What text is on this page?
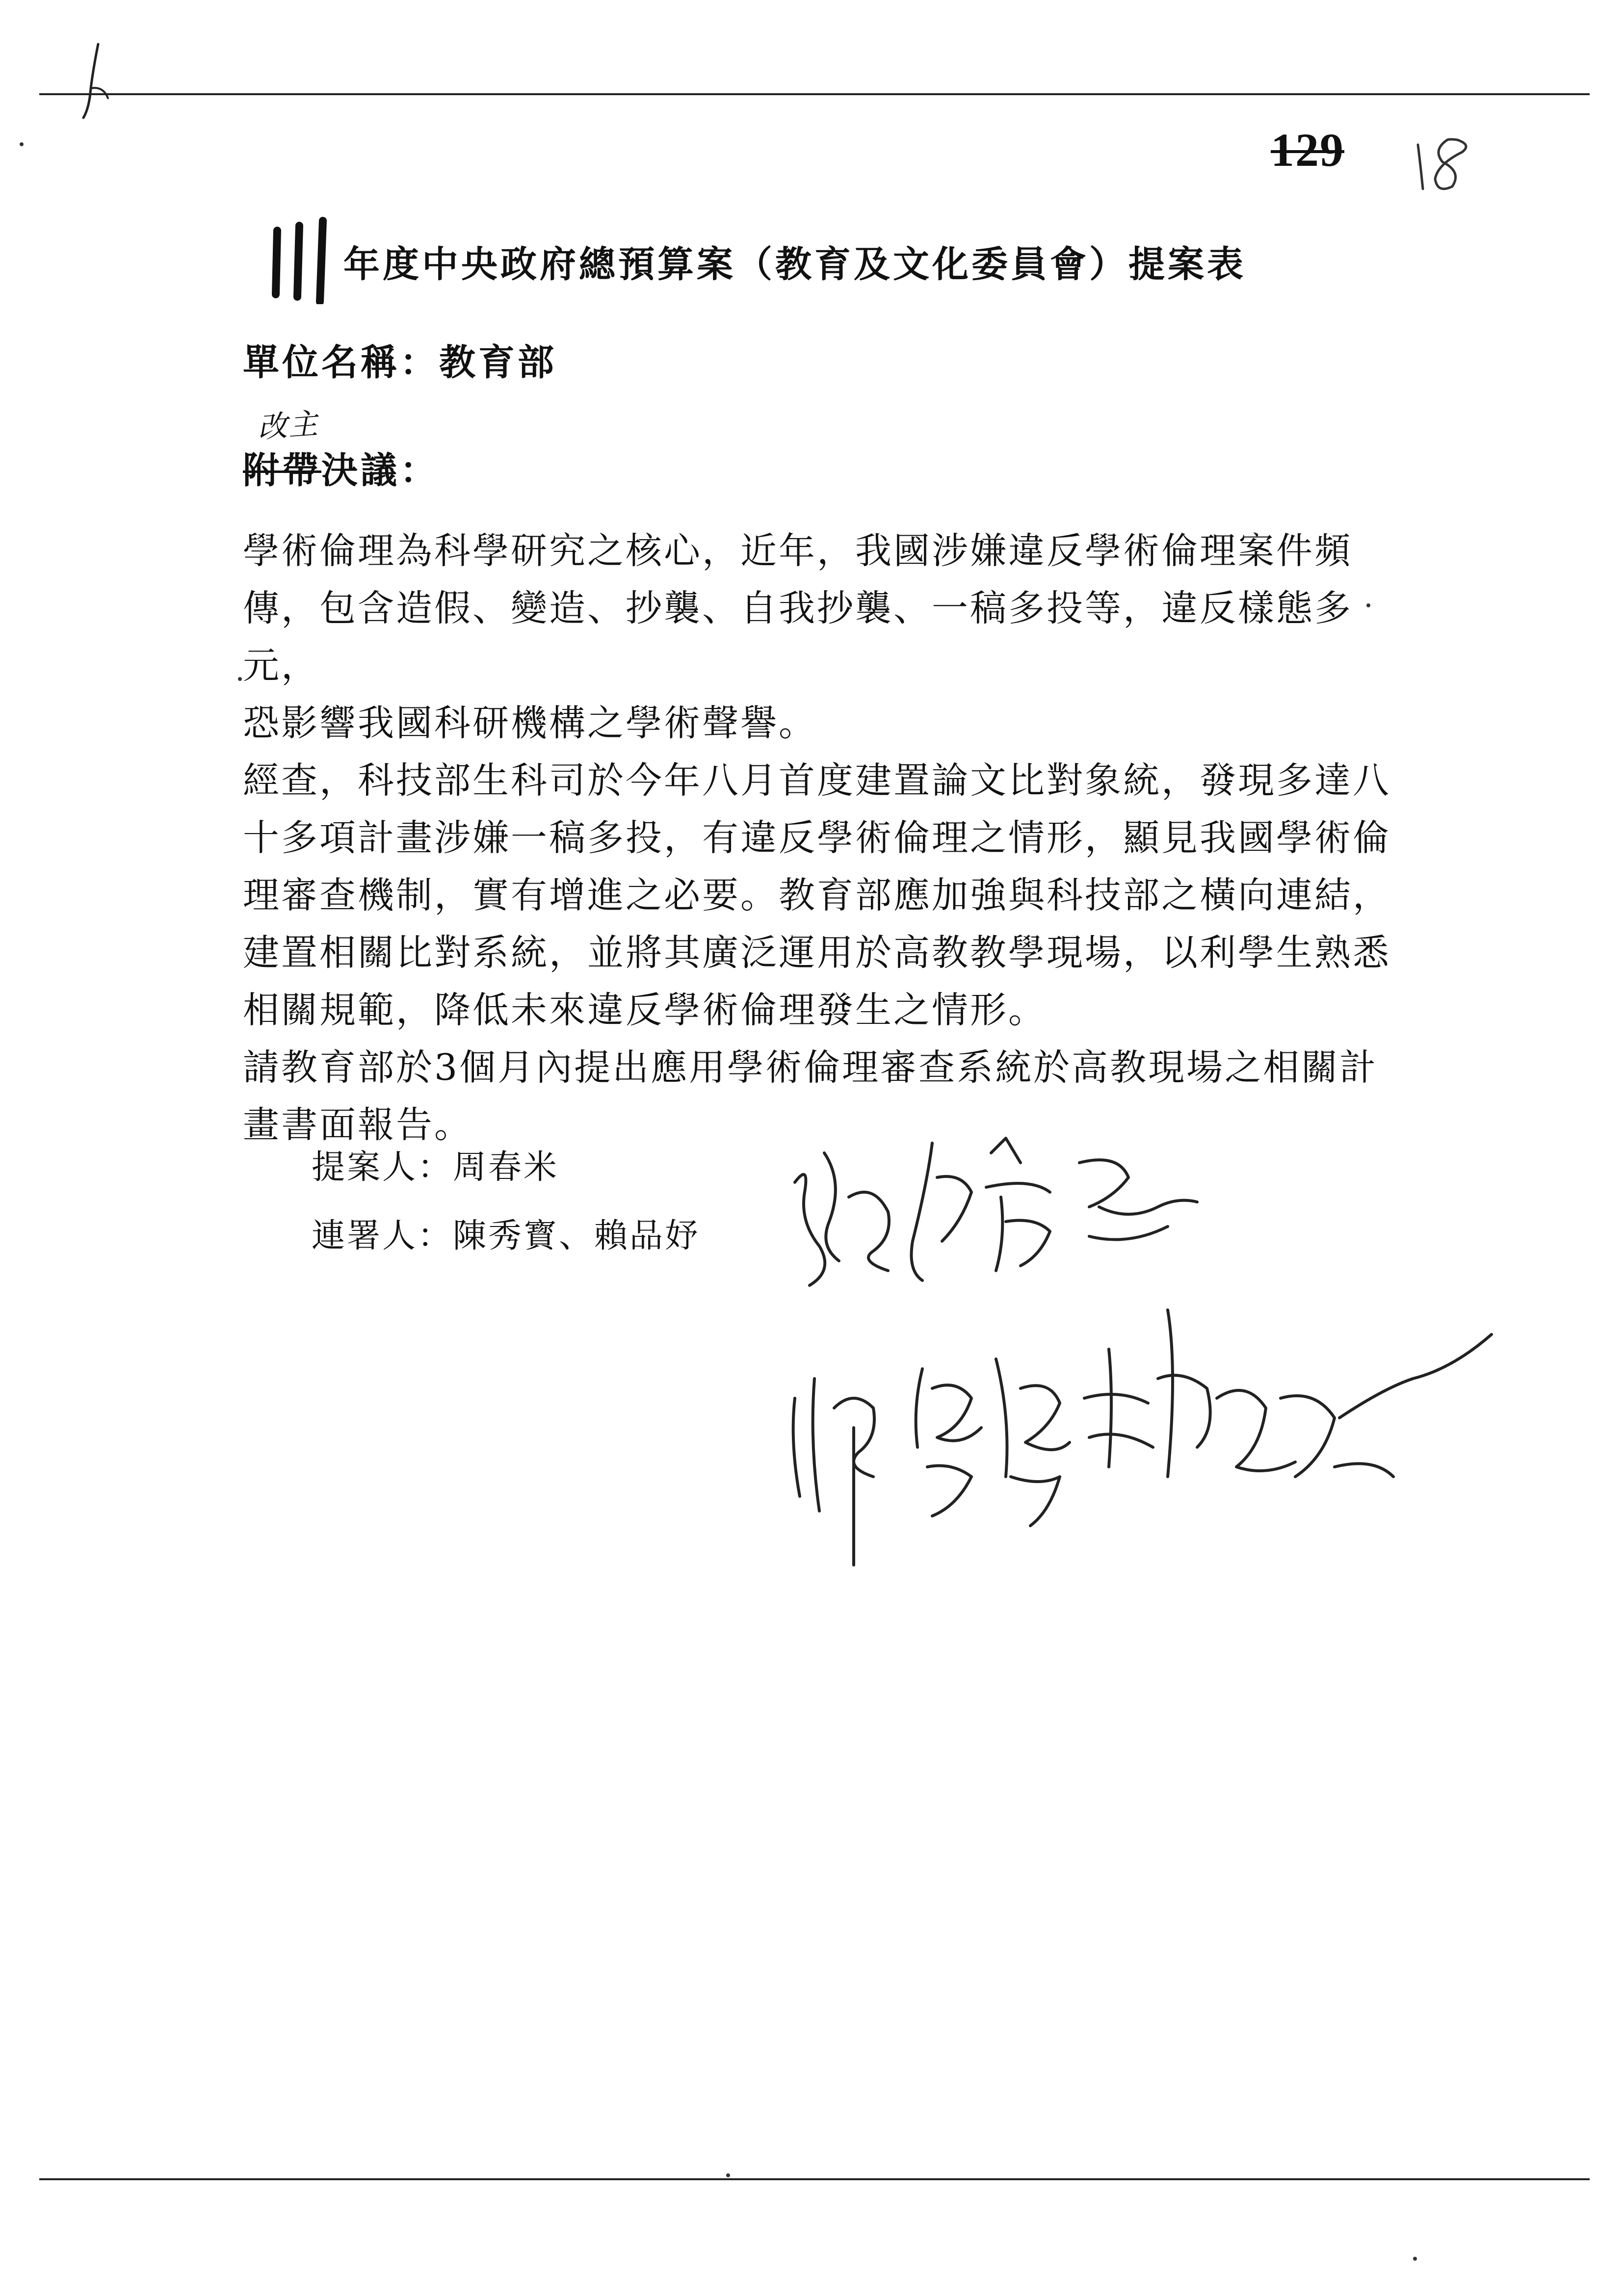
129
年度中央政府總預算案（教育及文化委員會）提案表
單位名稱：教育部
改主
附帶 決議：

學術倫理為科學研究之核心，近年，我國涉嫌違反學術倫理案件頻
傳，包含造假、變造、抄襲、自我抄襲、一稿多投等，違反樣態多元，
恐影響我國科研機構之學術聲譽。

經查，科技部生科司於今年八月首度建置論文比對象統，發現多達八
十多項計畫涉嫌一稿多投，有違反學術倫理之情形，顯見我國學術倫
理審查機制，實有增進之必要。教育部應加強與科技部之橫向連結，
建置相關比對系統，並將其廣泛運用於高教教學現場，以利學生熟悉
相關規範，降低未來違反學術倫理發生之情形。

請教育部於3個月內提出應用學術倫理審查系統於高教現場之相關計
畫書面報告。

提案人：周春米
連署人：陳秀寳、賴品妤
